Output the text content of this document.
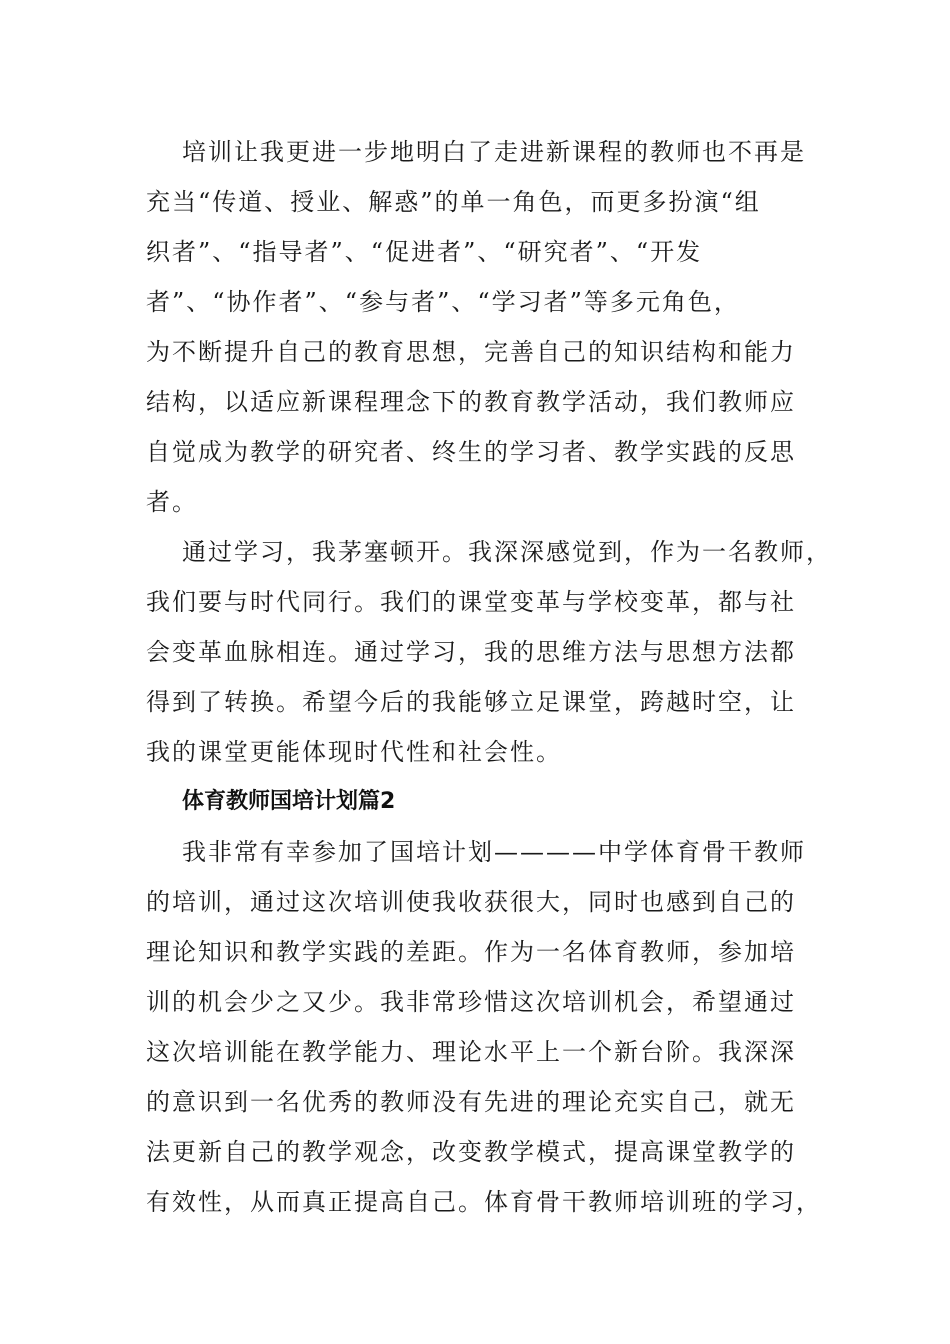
培训让我更进一步地明白了走进新课程的教师也不再是
充当“传道、授业、解惑”的单一角色，而更多扮演“组
织者”、“指导者”、“促进者”、“研究者”、“开发
者”、“协作者”、“参与者”、“学习者”等多元角色，
为不断提升自己的教育思想，完善自己的知识结构和能力
结构，以适应新课程理念下的教育教学活动，我们教师应
自觉成为教学的研究者、终生的学习者、教学实践的反思
者。

通过学习，我茅塞顿开。我深深感觉到，作为一名教师，
我们要与时代同行。我们的课堂变革与学校变革，都与社
会变革血脉相连。通过学习，我的思维方法与思想方法都
得到了转换。希望今后的我能够立足课堂，跨越时空，让
我的课堂更能体现时代性和社会性。

体育教师国培计划篇2

我非常有幸参加了国培计划————中学体育骨干教师
的培训，通过这次培训使我收获很大，同时也感到自己的
理论知识和教学实践的差距。作为一名体育教师，参加培
训的机会少之又少。我非常珍惜这次培训机会，希望通过
这次培训能在教学能力、理论水平上一个新台阶。我深深
的意识到一名优秀的教师没有先进的理论充实自己，就无
法更新自己的教学观念，改变教学模式，提高课堂教学的
有效性，从而真正提高自己。体育骨干教师培训班的学习，
